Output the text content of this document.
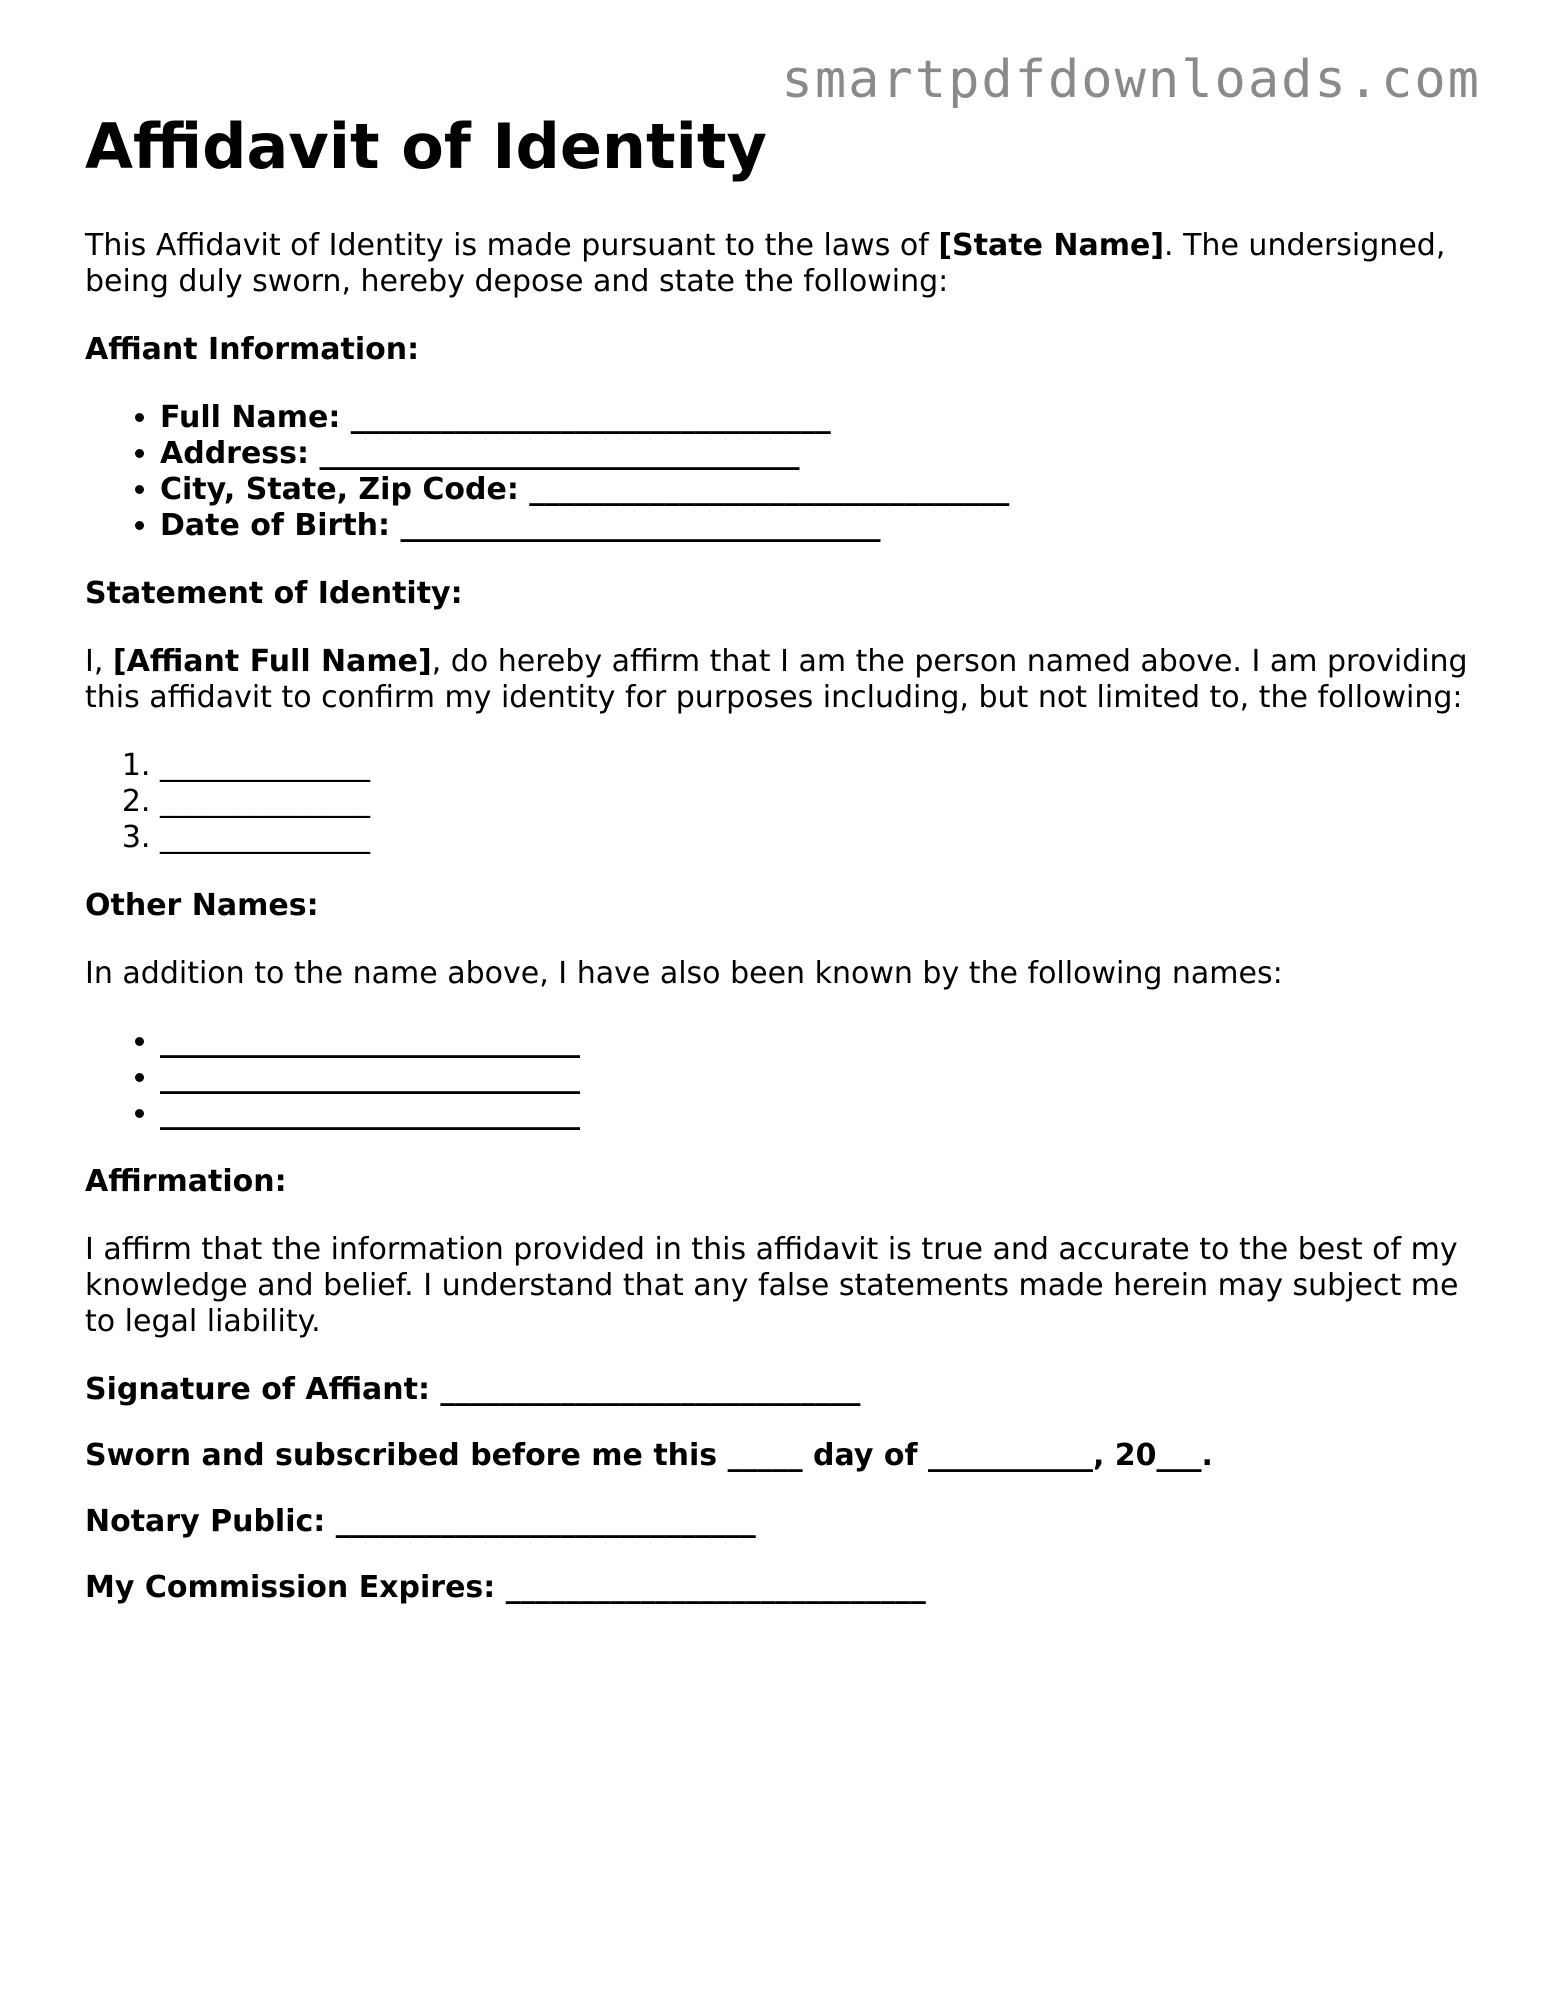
smartpdfdownloads.com
Affidavit of Identity

This Affidavit of Identity is made pursuant to the laws of [State Name]. The undersigned, being duly sworn, hereby depose and state the following:

Affiant Information:

• Full Name: ________________________________
• Address: ________________________________
• City, State, Zip Code: ________________________________
• Date of Birth: ________________________________

Statement of Identity:

I, [Affiant Full Name], do hereby affirm that I am the person named above. I am providing this affidavit to confirm my identity for purposes including, but not limited to, the following:

1. ______________
2. ______________
3. ______________

Other Names:

In addition to the name above, I have also been known by the following names:

• ____________________________
• ____________________________
• ____________________________

Affirmation:

I affirm that the information provided in this affidavit is true and accurate to the best of my knowledge and belief. I understand that any false statements made herein may subject me to legal liability.

Signature of Affiant: ____________________________

Sworn and subscribed before me this _____ day of ___________, 20___.

Notary Public: ____________________________

My Commission Expires: ____________________________
